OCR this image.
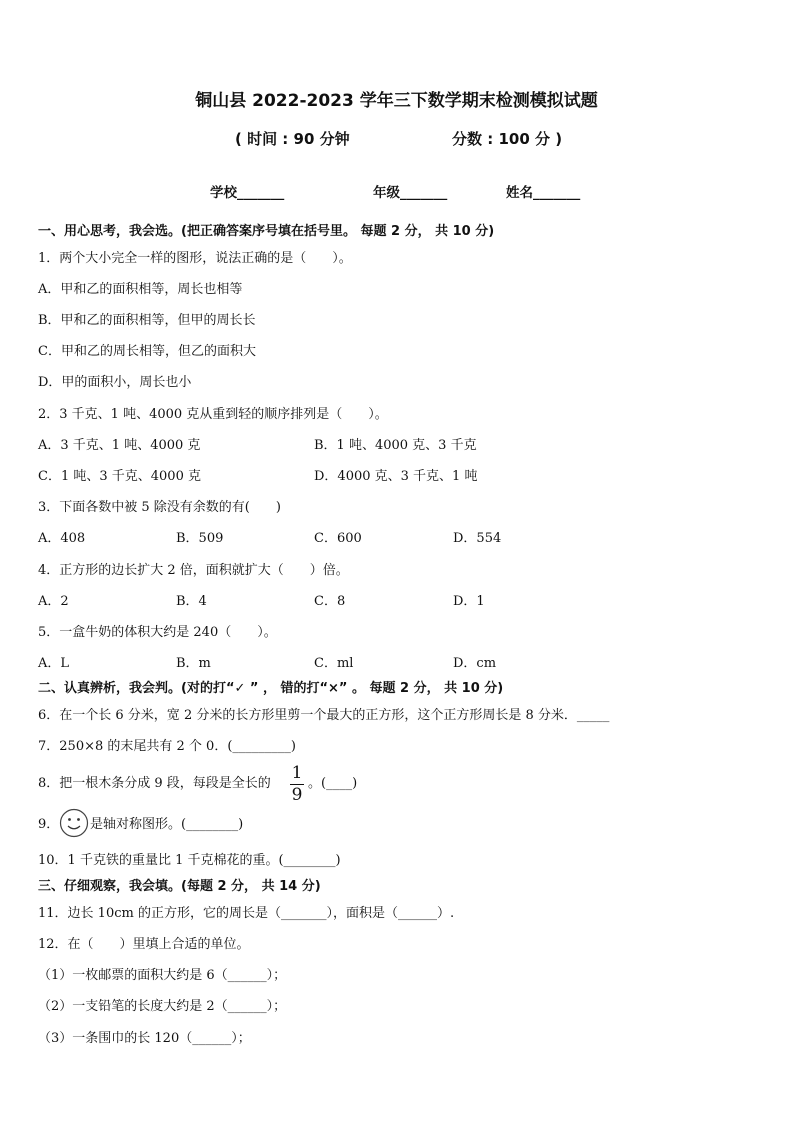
铜山县 2022-2023 学年三下数学期末检测模拟试题
( 时间 : 90 分钟	分数 : 100 分 )
学校_______	年级_______	姓名_______
一、用心思考，我会选。(把正确答案序号填在括号里。 每题 2 分， 共 10 分)
1．两个大小完全一样的图形，说法正确的是（　　）。
A．甲和乙的面积相等，周长也相等
B．甲和乙的面积相等，但甲的周长长
C．甲和乙的周长相等，但乙的面积大
D．甲的面积小，周长也小
2．3 千克、1 吨、4000 克从重到轻的顺序排列是（　　）。
A．3 千克、1 吨、4000 克	B．1 吨、4000 克、3 千克
C．1 吨、3 千克、4000 克	D．4000 克、3 千克、1 吨
3．下面各数中被 5 除没有余数的有(　　)
A．408	B．509	C．600	D．554
4．正方形的边长扩大 2 倍，面积就扩大（　　）倍。
A．2	B．4	C．8	D．1
5．一盒牛奶的体积大约是 240（　　）。
A．L	B．m	C．ml	D．cm
二、认真辨析，我会判。(对的打“✓ ” ， 错的打“×” 。 每题 2 分， 共 10 分)
6．在一个长 6 分米，宽 2 分米的长方形里剪一个最大的正方形，这个正方形周长是 8 分米．_____
7．250×8 的末尾共有 2 个 0．(_________)
8．把一根木条分成 9 段，每段是全长的
1
9
。(____)
9． 是轴对称图形。(________)
10．1 千克铁的重量比 1 千克棉花的重。(________)
三、仔细观察，我会填。(每题 2 分， 共 14 分)
11．边长 10cm 的正方形，它的周长是（_______），面积是（______）.
12．在（　　）里填上合适的单位。
（1）一枚邮票的面积大约是 6（______）；
（2）一支铅笔的长度大约是 2（______）；
（3）一条围巾的长 120（______）；
